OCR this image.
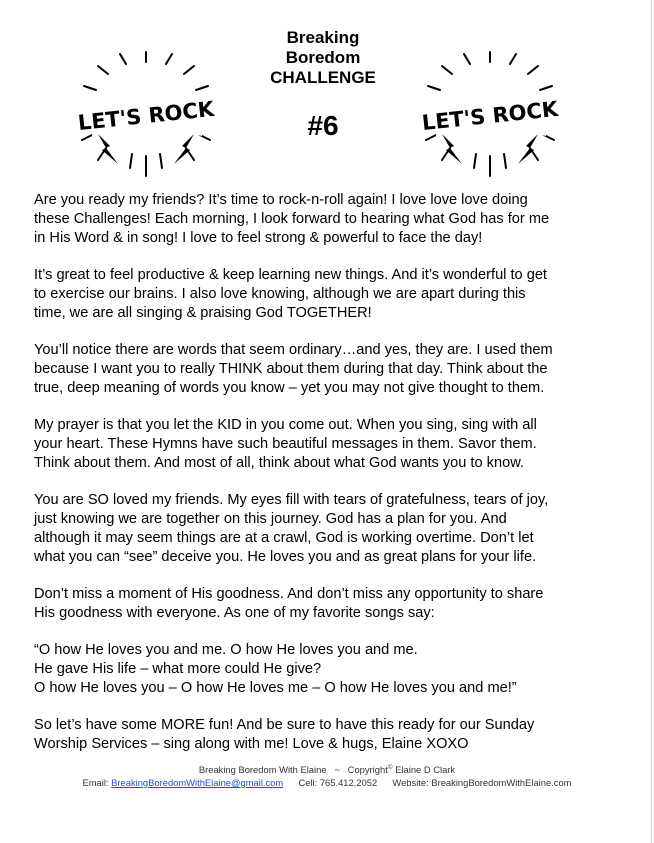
LET'S ROCK	LET'S ROCK
Breaking
Boredom
CHALLENGE
#6

Are you ready my friends? It’s time to rock-n-roll again! I love love love doing
these Challenges! Each morning, I look forward to hearing what God has for me
in His Word & in song! I love to feel strong & powerful to face the day!

It’s great to feel productive & keep learning new things. And it’s wonderful to get
to exercise our brains. I also love knowing, although we are apart during this
time, we are all singing & praising God TOGETHER!

You’ll notice there are words that seem ordinary…and yes, they are. I used them
because I want you to really THINK about them during that day. Think about the
true, deep meaning of words you know – yet you may not give thought to them.

My prayer is that you let the KID in you come out. When you sing, sing with all
your heart. These Hymns have such beautiful messages in them. Savor them.
Think about them. And most of all, think about what God wants you to know.

You are SO loved my friends. My eyes fill with tears of gratefulness, tears of joy,
just knowing we are together on this journey. God has a plan for you. And
although it may seem things are at a crawl, God is working overtime. Don’t let
what you can “see” deceive you. He loves you and as great plans for your life.

Don’t miss a moment of His goodness. And don’t miss any opportunity to share
His goodness with everyone. As one of my favorite songs say:

“O how He loves you and me. O how He loves you and me.
He gave His life – what more could He give?
O how He loves you – O how He loves me – O how He loves you and me!”

So let’s have some MORE fun! And be sure to have this ready for our Sunday
Worship Services – sing along with me! Love & hugs, Elaine XOXO

Breaking Boredom With Elaine ~ Copyright© Elaine D Clark
Email: BreakingBoredomWithElaine@gmail.com Cell: 765.412.2052 Website: BreakingBoredomWithElaine.com
